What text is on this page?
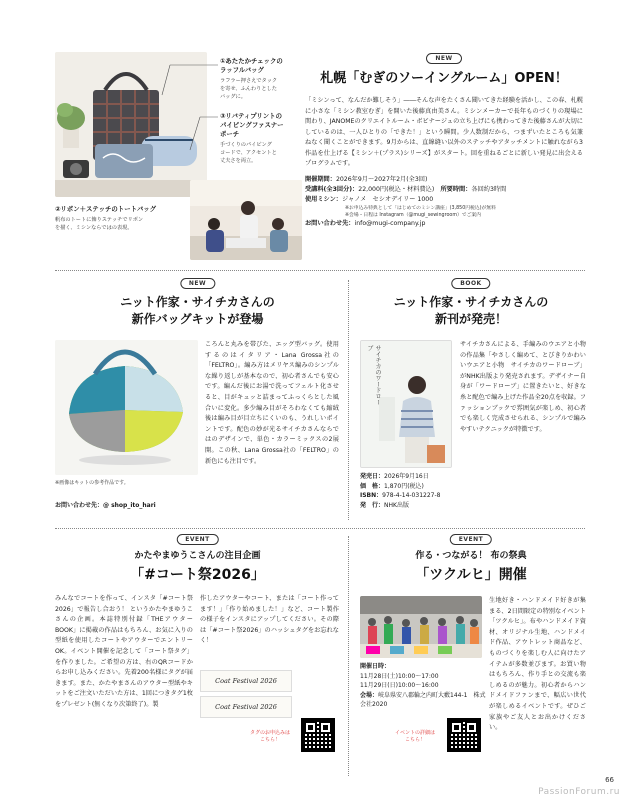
①あたたかチェックの
ラッフルバッグ
ラフラー押さえでタック
を寄せ、ふんわりとした
バッグに。
③リバティプリントの
パイピングファスナー
ポーチ
手づくりのパイピング
コードで、アクセントと
丈夫さを両立。
②リボン＋ステッチのトートバッグ
帆布のトートに飾りステッチでリボン
を描く、ミシンならではの表現。
NEW
札幌「むぎのソーイングルーム」OPEN！
「ミシンって、なんだか難しそう」――そんな声をたくさん聞いてきた経験を活かし、この春、札幌に小さな「ミシン教室むぎ」を開いた後藤真由美さん。ミシンメーカーで長年ものづくりの現場に関わり、JANOMEのクリエイトルーム・ボビナージュの立ち上げにも携わってきた後藤さんが大切にしているのは、一人ひとりの「できた！」という瞬間。少人数制だから、つまずいたところも気兼ねなく聞くことができます。9月からは、直線縫い以外のステッチやアタッチメントに触れながら3作品を仕上げる【ミシン＋(プラス)シリーズ】がスタート。回を重ねるごとに新しい発見に出会えるプログラムです。
開催期間：2026年9月〜2027年2月(全3回)
受講料(全3回分)：22,000円(税込・材料費込)　 所要時間：各回約3時間
使用ミシン：ジャノメ　セシオデイリー 1000
※お申込み特典として「はじめてのミシン講座」(3,850円税込)が無料
※会場・日程は Instagram（@mugi_sewingroom）でご案内
お問い合わせ先：info@mugi-company.jp
NEW
ニット作家・サイチカさんの
新作バッグキットが登場
※画像はキットの参考作品です。
お問い合わせ先：@ shop_ito_hari
ころんと丸みを帯びた、エッグ型バッグ。使用するのはイタリア・Lana Grossa社の「FELTRO」。編み方はメリヤス編みのシンプルな繰り返しが基本なので、初心者さんでも安心です。編んだ後にお湯で洗ってフェルト化させると、目がキュッと詰まってふっくらとした風合いに変化。多少編み目がそろわなくても縮絨後は編み目が目立ちにくいのも、うれしいポイントです。配色の妙が光るサイチカさんならではのデザインで、単色・カラーミックスの2展開。この秋、Lana Grossa社の「FELTRO」の新色にも注目です。
BOOK
ニット作家・サイチカさんの
新刊が発売！
サイチカのワードローブ
発売日：2026年9月16日
価　格：1,870円(税込)
ISBN：978-4-14-031227-8
発　行：NHK出版
サイチカさんによる、手編みのウエアと小物の作品集「やさしく編めて、とびきりかわいいウエアと小物　サイチカのワードローブ」がNHK出版より発売されます。デザイナー自身が「ワードローブ」に置きたいと、好きな糸と配色で編み上げた作品全20点を収録。ファッションブックで雰囲気が楽しめ、初心者でも楽しく完成させられる、シンプルで編みやすいテクニックが特徴です。
EVENT
かたやまゆうこさんの注目企画
「#コート祭2026」
みんなでコートを作って、インスタ「#コート祭2026」で報告し合おう！ というかたやまゆうこさんの企画。本誌特別付録「THEアウター BOOK」に掲載の作品はもちろん、お気に入りの型紙を使用したコートやアウターでエントリーOK。イベント開催を記念して「コート祭タグ」を作りました。ご希望の方は、右のQRコードからお申し込みください。先着200名様にタグが届きます。また、かたやまさんのアウター型紙やキットをご注文いただいた方は、1回につきタグ1枚をプレゼント(無くなり次第終了)。製
作したアウターやコート、または「コート作ってます！」「作り始めました！」など、コート製作の様子をインスタにアップしてください。その際は「#コート祭2026」のハッシュタグをお忘れなく！
Coat Festival 2026
Coat Festival 2026
タグのお申込みは
こちら！
EVENT
作る・つながる！ 布の祭典
「ツクルヒ」開催
開催日時：
11月28日(土)10:00〜17:00
11月29日(日)10:00〜16:00
会場：岐阜県安八郡輪之内町大藪144-1　株式会社2020
イベントの詳細は
こちら！
生地好き・ハンドメイド好きが集まる、2日間限定の特別なイベント「ツクルヒ」。布やハンドメイド資材、オリジナル生地、ハンドメイド作品、アウトレット商品など、ものづくりを楽しむ人に向けたアイテムが多数並びます。お買い物はもちろん、作り手との交流も楽しめるのが魅力。初心者からハンドメイドファンまで、幅広い世代が楽しめるイベントです。ぜひご家族やご友人とお出かけください。
66
PassionForum.ru
